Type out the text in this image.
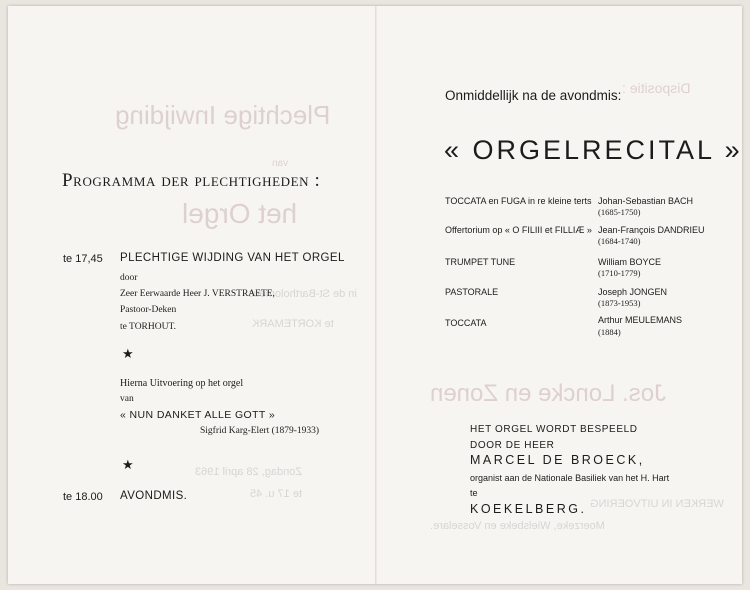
Plechtige Inwijding
van
het Orgel
in de St-Bartholomeus
te KORTEMARK
Zondag, 28 april 1963
te 17 u. 45
Dispositie :
Jos. Loncke en Zonen
WERKEN IN UITVOERING
Moerzeke, Wielsbeke en Vosselare.
Programma der plechtigheden :
te 17,45 PLECHTIGE WIJDING VAN HET ORGEL
door
Zeer Eerwaarde Heer J. VERSTRAETE,
Pastoor-Deken
te TORHOUT.
★
Hierna Uitvoering op het orgel
van
« NUN DANKET ALLE GOTT »
Sigfrid Karg-Elert (1879-1933)
★
te 18.00 AVONDMIS.
Onmiddellijk na de avondmis:
« ORGELRECITAL »
TOCCATA en FUGA in re kleine terts Johan-Sebastian BACH
(1685-1750)
Offertorium op « O FILIII et FILLIÆ » Jean-François DANDRIEU
(1684-1740)
TRUMPET TUNE	William BOYCE
(1710-1779)
PASTORALE	Joseph JONGEN
(1873-1953)
TOCCATA	Arthur MEULEMANS
(1884)
HET ORGEL WORDT BESPEELD
DOOR DE HEER
MARCEL DE BROECK,
organist aan de Nationale Basiliek van het H. Hart
te
KOEKELBERG.
